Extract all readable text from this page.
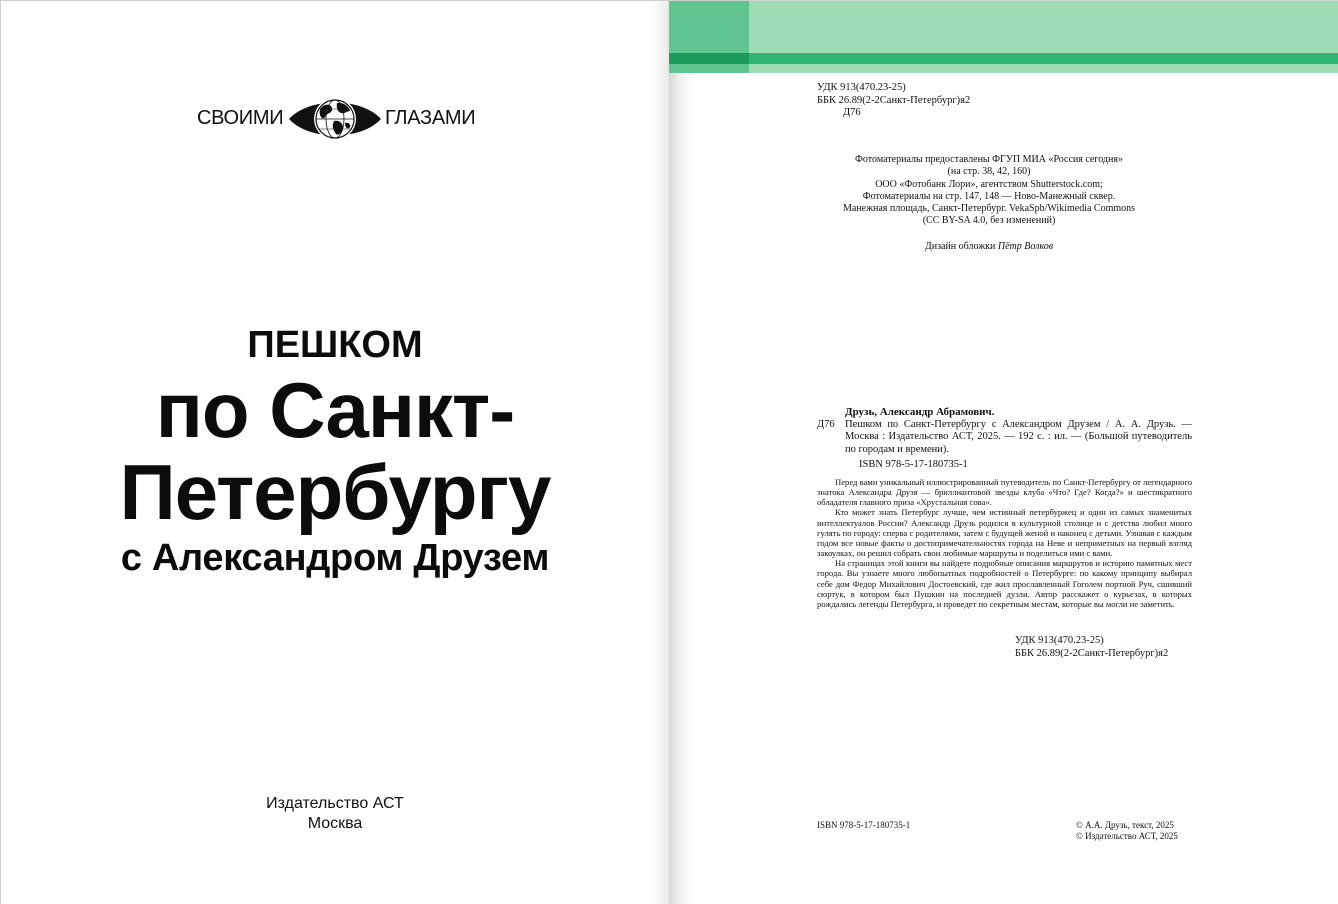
СВОИМИ	ГЛАЗАМИ
ПЕШКОМ
по Санкт-
Петербургу
с Александром Друзем
Издательство АСТ
Москва
УДК 913(470.23-25)
ББК 26.89(2-2Санкт-Петербург)я2
Д76
Фотоматериалы предоставлены ФГУП МИА «Россия сегодня»
(на стр. 38, 42, 160)
ООО «Фотобанк Лори», агентством Shutterstock.com;
Фотоматериалы на стр. 147, 148 — Ново-Манежный сквер.
Манежная площадь, Санкт-Петербург. VekaSpb/Wikimedia Commons
(CC BY-SA 4.0, без изменений)
Дизайн обложки Пётр Волков
Друзь, Александр Абрамович.
Д76 Пешком по Санкт-Петербургу с Александром Друзем / А. А. Друзь. — Москва : Издательство АСТ, 2025. — 192 с. : ил. — (Большой путеводитель по городам и времени).
ISBN 978-5-17-180735-1

Перед вами уникальный иллюстрированный путеводитель по Санкт-Петербургу от легендарного знатока Александра Друзя — бриллиантовой звезды клуба «Что? Где? Когда?» и шестикратного обладателя главного приза «Хрустальная сова».

Кто может знать Петербург лучше, чем истинный петербуржец и один из самых знаменитых интеллектуалов России? Александр Друзь родился в культурной столице и с детства любил много гулять по городу: сперва с родителями, затем с будущей женой и наконец с детьми. Узнавая с каждым годом все новые факты о достопримечательностях города на Неве и неприметных на первый взгляд закоулках, он решил собрать свои любимые маршруты и поделиться ими с вами.

На страницах этой книги вы найдете подробные описания маршрутов и историю памятных мест города. Вы узнаете много любопытных подробностей о Петербурге: по какому принципу выбирал себе дом Федор Михайлович Достоевский, где жил прославленный Гоголем портной Руч, сшивший сюртук, в котором был Пушкин на последней дуэли. Автор расскажет о курьезах, в которых рождались легенды Петербурга, и проведет по секретным местам, которые вы могли не заметить.

УДК 913(470.23-25)
ББК 26.89(2-2Санкт-Петербург)я2
ISBN 978-5-17-180735-1	© А.А. Друзь, текст, 2025
© Издательство АСТ, 2025
